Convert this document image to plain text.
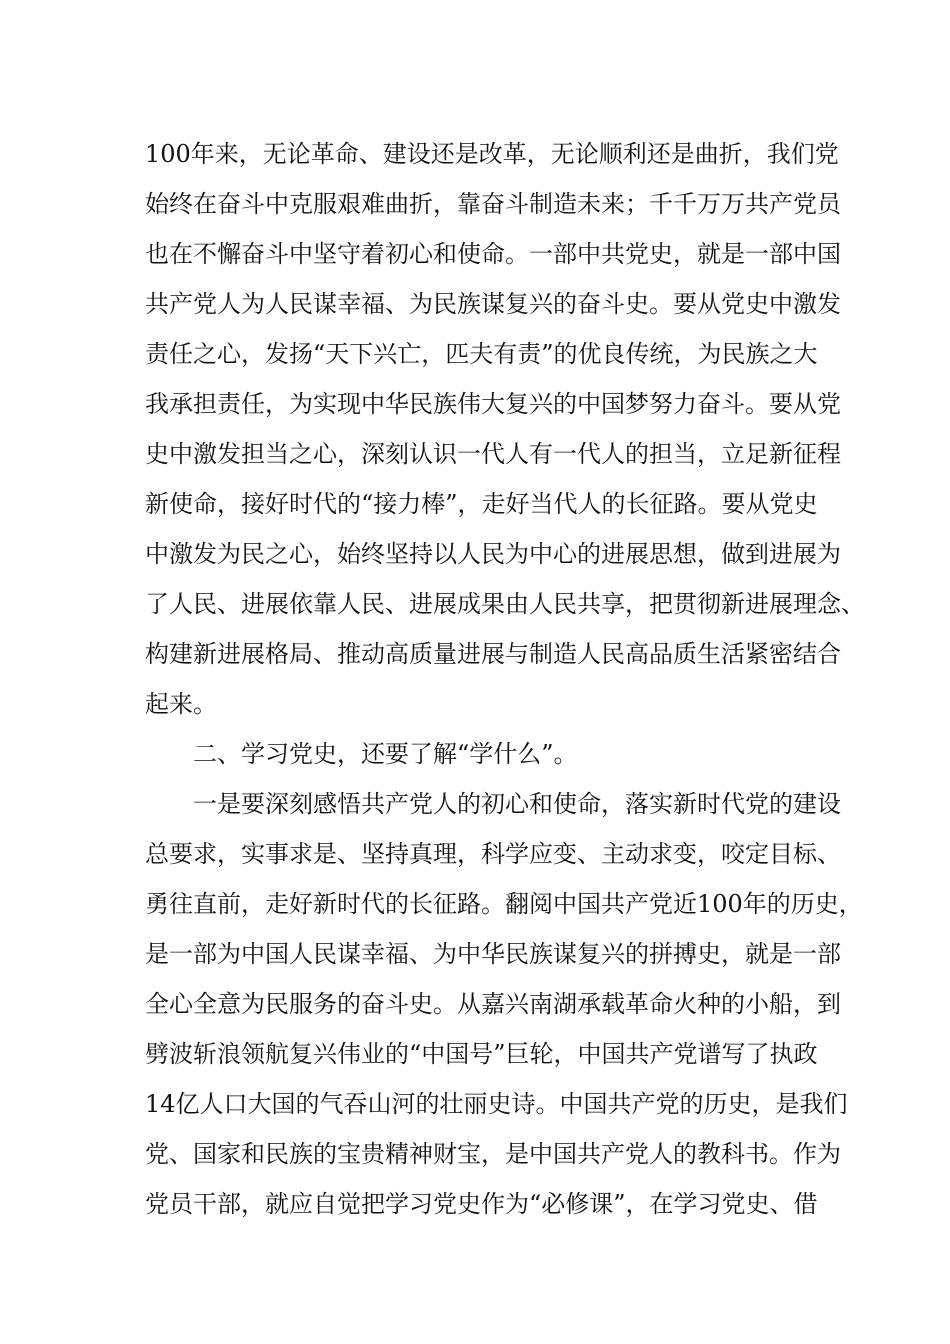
100年来，无论革命、建设还是改革，无论顺利还是曲折，我们党
始终在奋斗中克服艰难曲折，靠奋斗制造未来；千千万万共产党员
也在不懈奋斗中坚守着初心和使命。一部中共党史，就是一部中国
共产党人为人民谋幸福、为民族谋复兴的奋斗史。要从党史中激发
责任之心，发扬“天下兴亡，匹夫有责”的优良传统，为民族之大
我承担责任，为实现中华民族伟大复兴的中国梦努力奋斗。要从党
史中激发担当之心，深刻认识一代人有一代人的担当，立足新征程
新使命，接好时代的“接力棒”，走好当代人的长征路。要从党史
中激发为民之心，始终坚持以人民为中心的进展思想，做到进展为
了人民、进展依靠人民、进展成果由人民共享，把贯彻新进展理念、
构建新进展格局、推动高质量进展与制造人民高品质生活紧密结合
起来。
二、学习党史，还要了解“学什么”。
一是要深刻感悟共产党人的初心和使命，落实新时代党的建设
总要求，实事求是、坚持真理，科学应变、主动求变，咬定目标、
勇往直前，走好新时代的长征路。翻阅中国共产党近100年的历史，
是一部为中国人民谋幸福、为中华民族谋复兴的拼搏史，就是一部
全心全意为民服务的奋斗史。从嘉兴南湖承载革命火种的小船，到
劈波斩浪领航复兴伟业的“中国号”巨轮，中国共产党谱写了执政
14亿人口大国的气吞山河的壮丽史诗。中国共产党的历史，是我们
党、国家和民族的宝贵精神财宝，是中国共产党人的教科书。作为
党员干部，就应自觉把学习党史作为“必修课”，在学习党史、借
